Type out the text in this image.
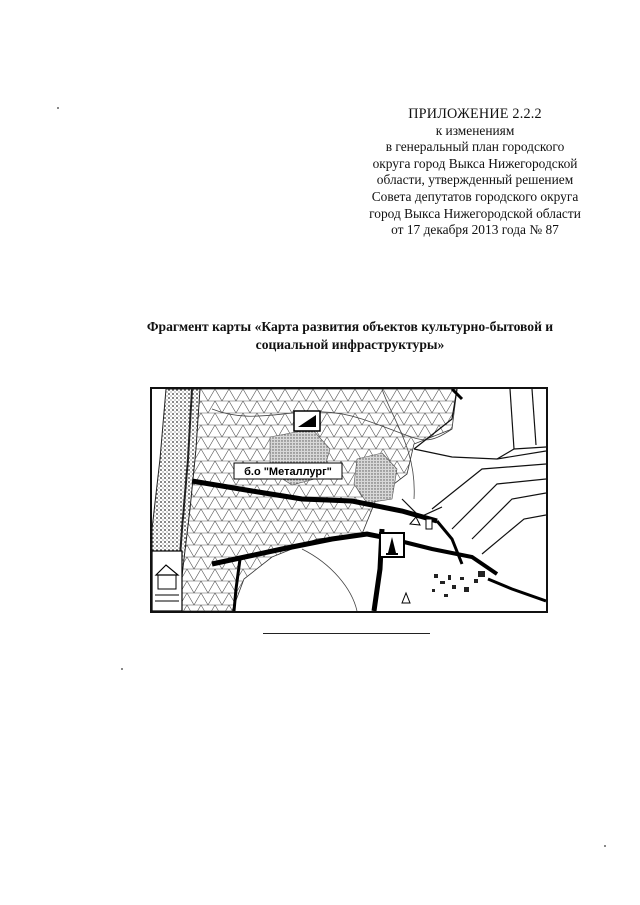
ПРИЛОЖЕНИЕ 2.2.2
к изменениям
в генеральный план городского
округа город Выкса Нижегородской
области, утвержденный решением
Совета депутатов городского округа
город Выкса Нижегородской области
от 17 декабря 2013 года № 87
Фрагмент карты «Карта развития объектов культурно-бытовой и
социальной инфраструктуры»
б.о "Металлург"
